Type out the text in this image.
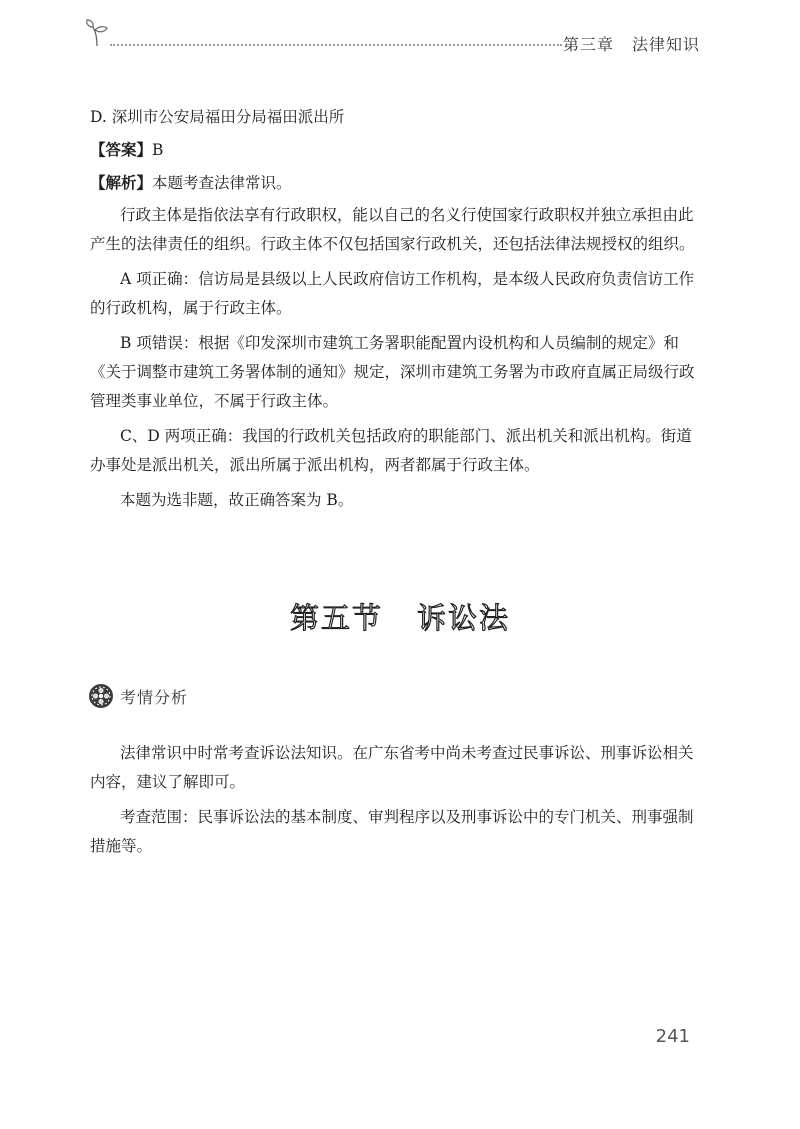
第三章 法律知识

D. 深圳市公安局福田分局福田派出所

【答案】B

【解析】本题考查法律常识。

行政主体是指依法享有行政职权，能以自己的名义行使国家行政职权并独立承担由此产生的法律责任的组织。行政主体不仅包括国家行政机关，还包括法律法规授权的组织。

A 项正确：信访局是县级以上人民政府信访工作机构，是本级人民政府负责信访工作的行政机构，属于行政主体。

B 项错误：根据《印发深圳市建筑工务署职能配置内设机构和人员编制的规定》和《关于调整市建筑工务署体制的通知》规定，深圳市建筑工务署为市政府直属正局级行政管理类事业单位，不属于行政主体。

C、D 两项正确：我国的行政机关包括政府的职能部门、派出机关和派出机构。街道办事处是派出机关，派出所属于派出机构，两者都属于行政主体。

本题为选非题，故正确答案为 B。

第五节 诉讼法
考情分析

法律常识中时常考查诉讼法知识。在广东省考中尚未考查过民事诉讼、刑事诉讼相关内容，建议了解即可。

考查范围：民事诉讼法的基本制度、审判程序以及刑事诉讼中的专门机关、刑事强制措施等。

241
